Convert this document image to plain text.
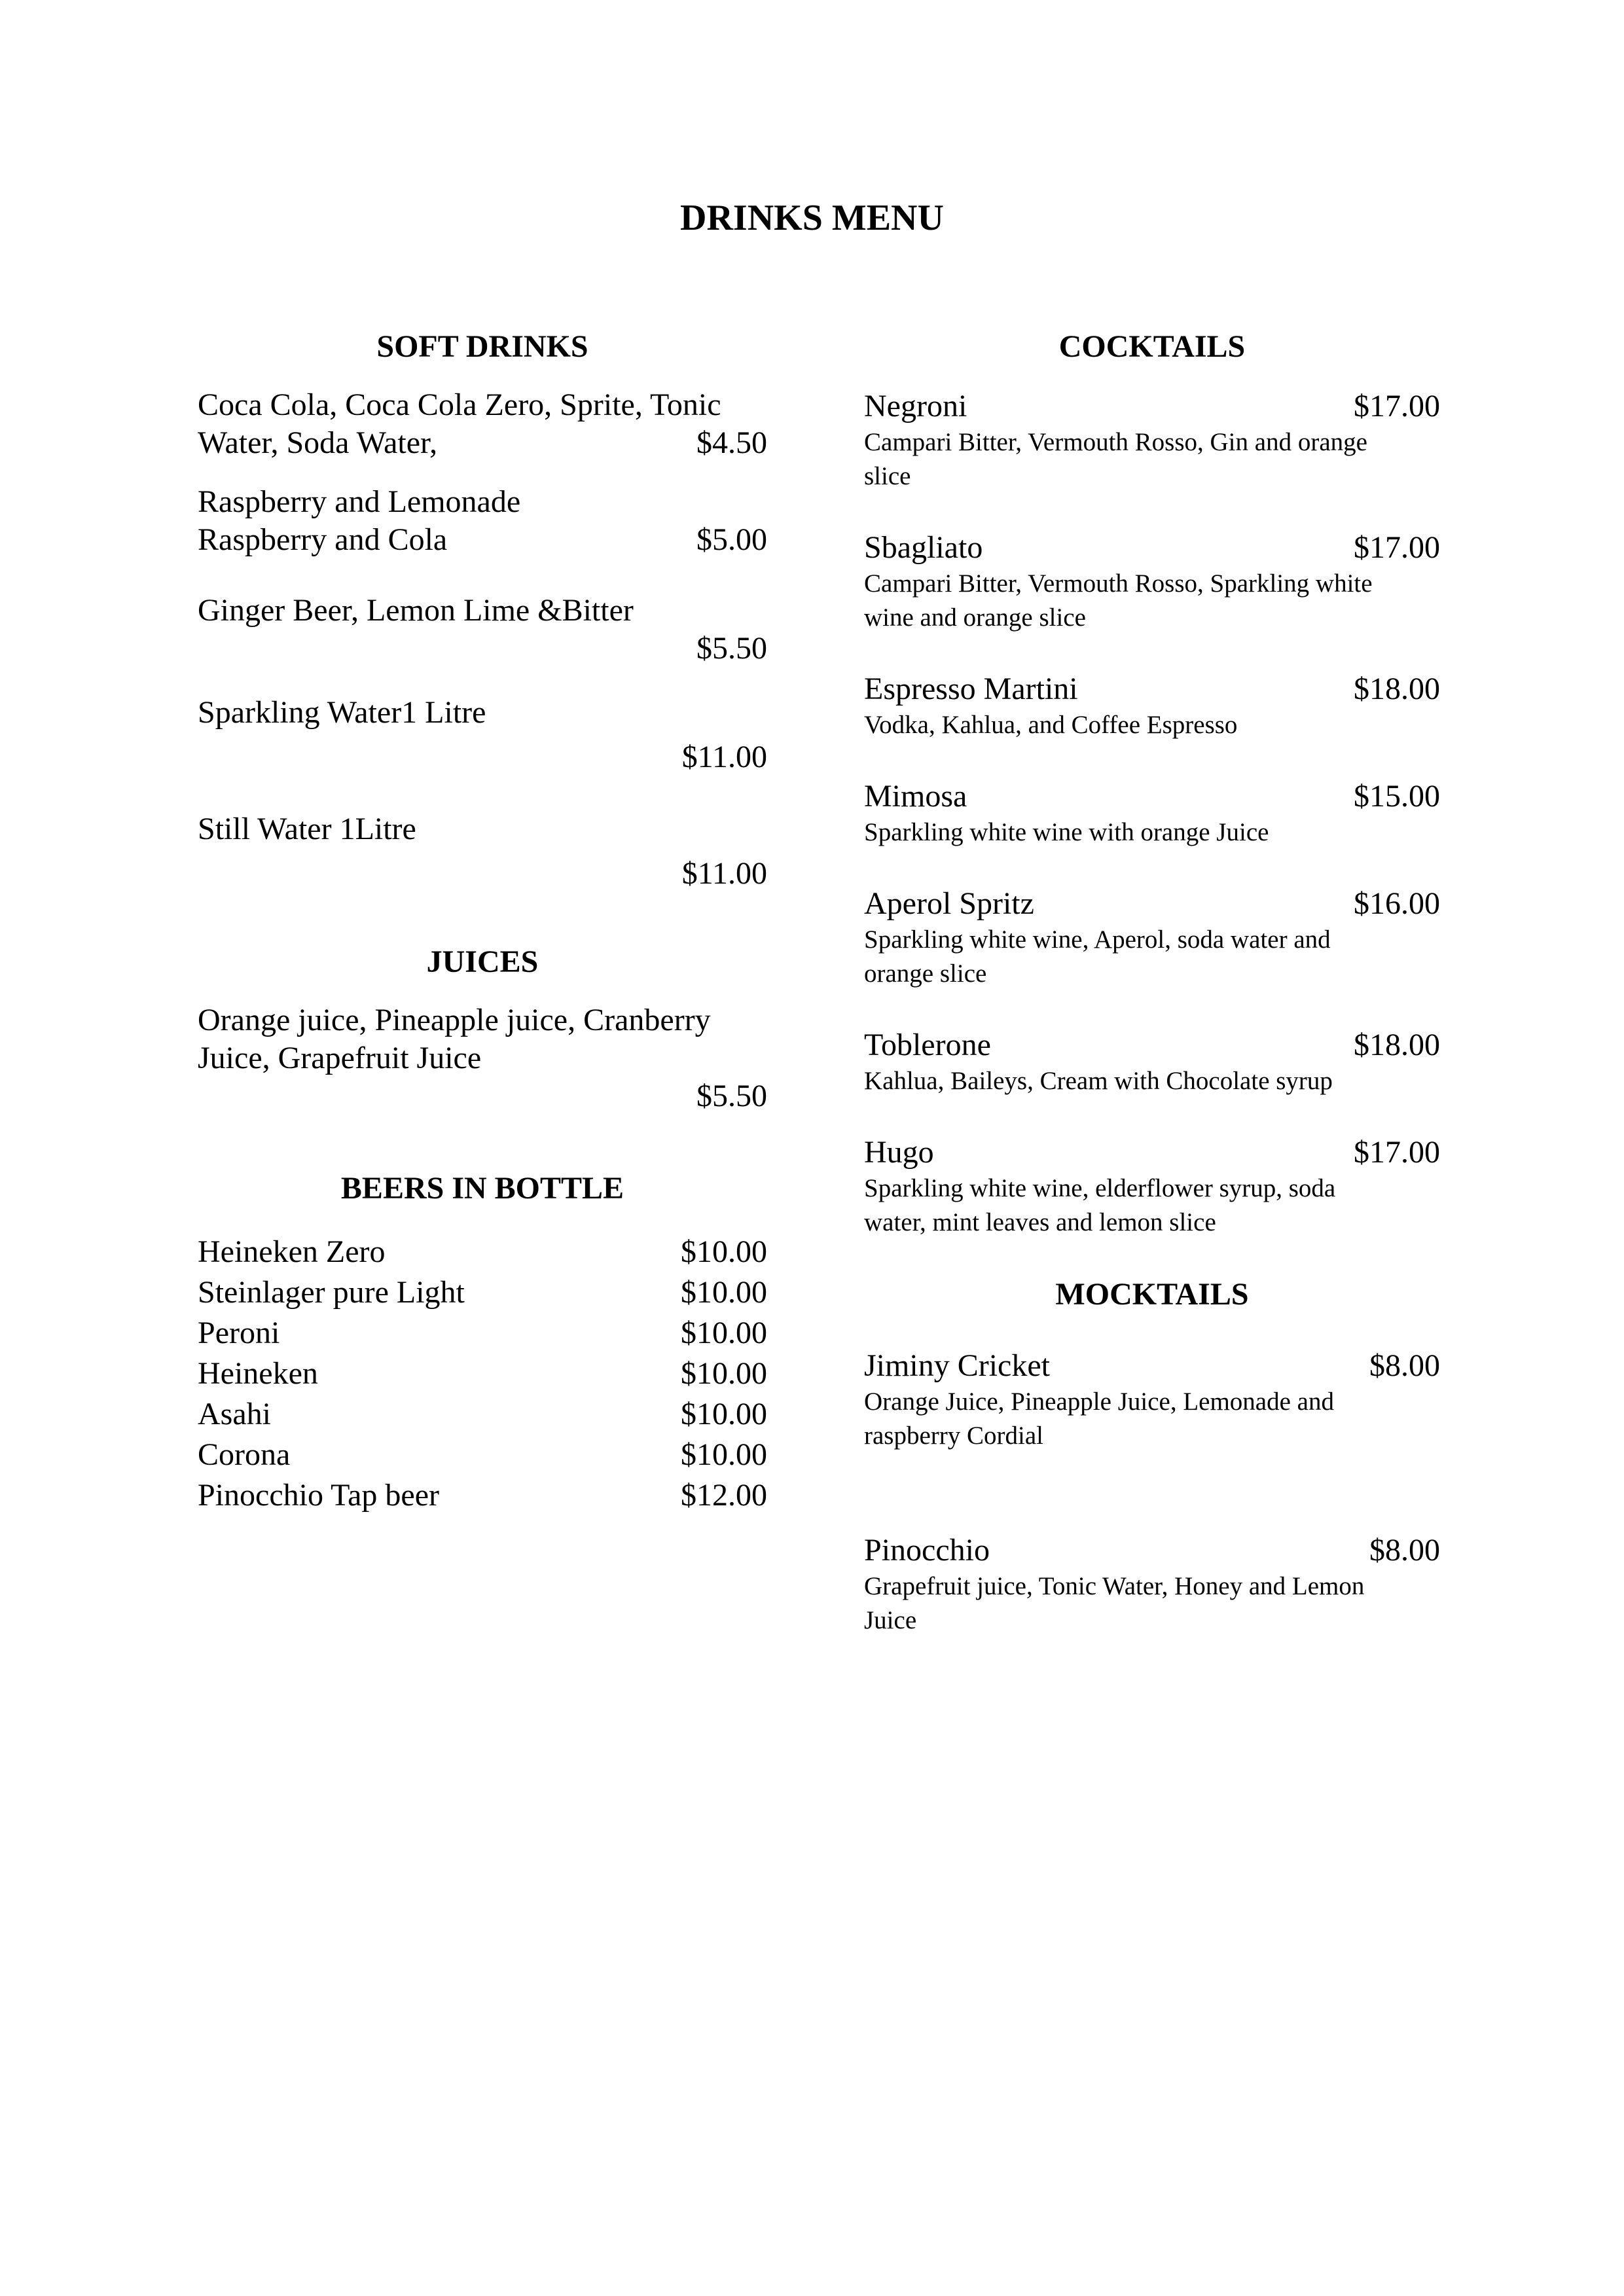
DRINKS MENU
SOFT DRINKS
Coca Cola, Coca Cola Zero, Sprite, Tonic
Water, Soda Water,	$4.50
Raspberry and Lemonade
Raspberry and Cola	$5.00
Ginger Beer, Lemon Lime &Bitter
$5.50
Sparkling Water1 Litre
$11.00
Still Water 1Litre
$11.00
JUICES
Orange juice, Pineapple juice, Cranberry
Juice, Grapefruit Juice
$5.50
BEERS IN BOTTLE
Heineken Zero	$10.00
Steinlager pure Light	$10.00
Peroni	$10.00
Heineken	$10.00
Asahi	$10.00
Corona	$10.00
Pinocchio Tap beer	$12.00
COCKTAILS
Negroni	$17.00
Campari Bitter, Vermouth Rosso, Gin and orange
slice
Sbagliato	$17.00
Campari Bitter, Vermouth Rosso, Sparkling white
wine and orange slice
Espresso Martini	$18.00
Vodka, Kahlua, and Coffee Espresso
Mimosa	$15.00
Sparkling white wine with orange Juice
Aperol Spritz	$16.00
Sparkling white wine, Aperol, soda water and
orange slice
Toblerone	$18.00
Kahlua, Baileys, Cream with Chocolate syrup
Hugo	$17.00
Sparkling white wine, elderflower syrup, soda
water, mint leaves and lemon slice
MOCKTAILS
Jiminy Cricket	$8.00
Orange Juice, Pineapple Juice, Lemonade and
raspberry Cordial
Pinocchio	$8.00
Grapefruit juice, Tonic Water, Honey and Lemon
Juice
